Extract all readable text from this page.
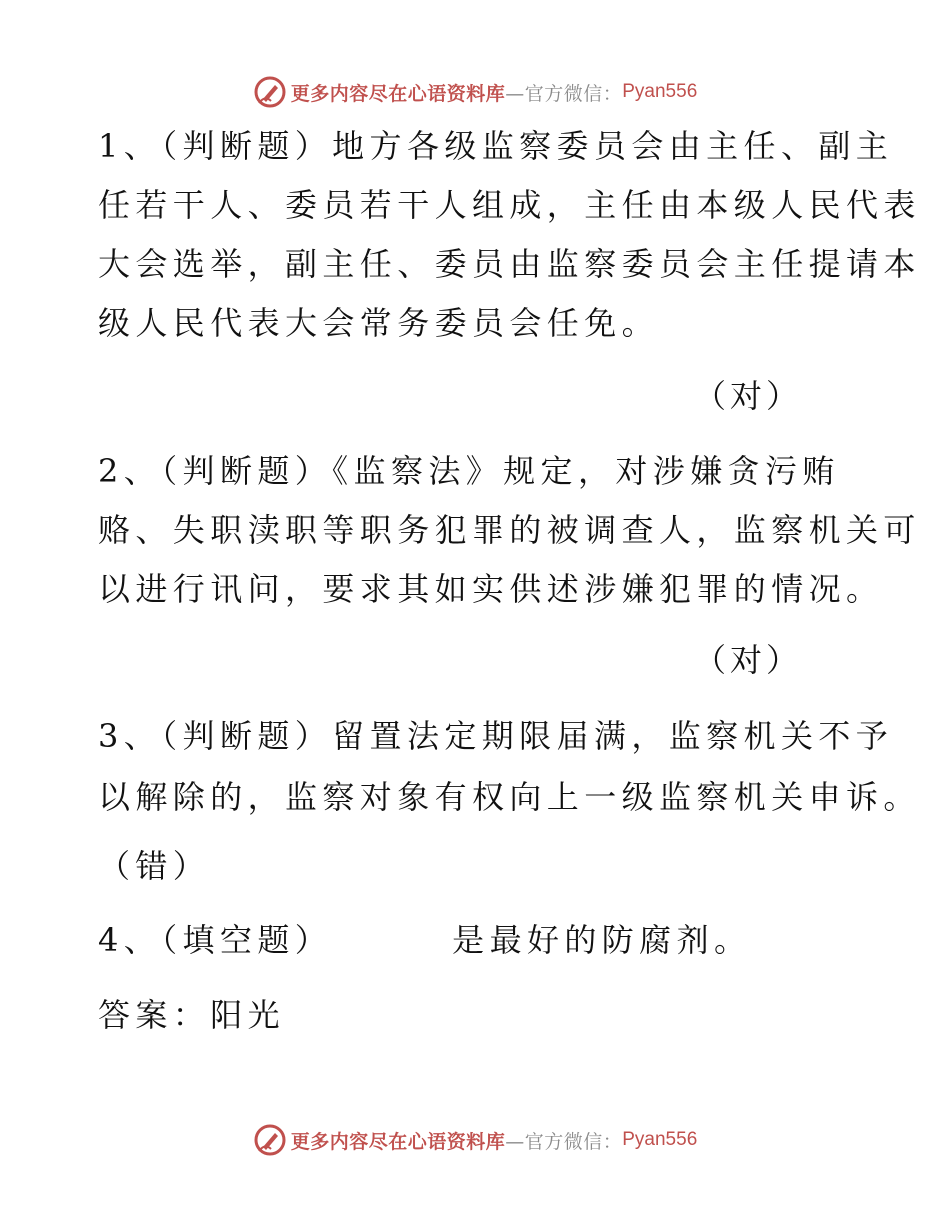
更多内容尽在心语资料库 —官方微信： Pyan556
1、（判断题）地方各级监察委员会由主任、副主
任若干人、委员若干人组成，主任由本级人民代表
大会选举，副主任、委员由监察委员会主任提请本
级人民代表大会常务委员会任免。
（对）
2、（判断题）《监察法》规定，对涉嫌贪污贿
赂、失职渎职等职务犯罪的被调查人，监察机关可
以进行讯问，要求其如实供述涉嫌犯罪的情况。
（对）
3、（判断题）留置法定期限届满，监察机关不予
以解除的，监察对象有权向上一级监察机关申诉。
（错）
4、（填空题）	是最好的防腐剂。
答案：阳光
更多内容尽在心语资料库 —官方微信： Pyan556
